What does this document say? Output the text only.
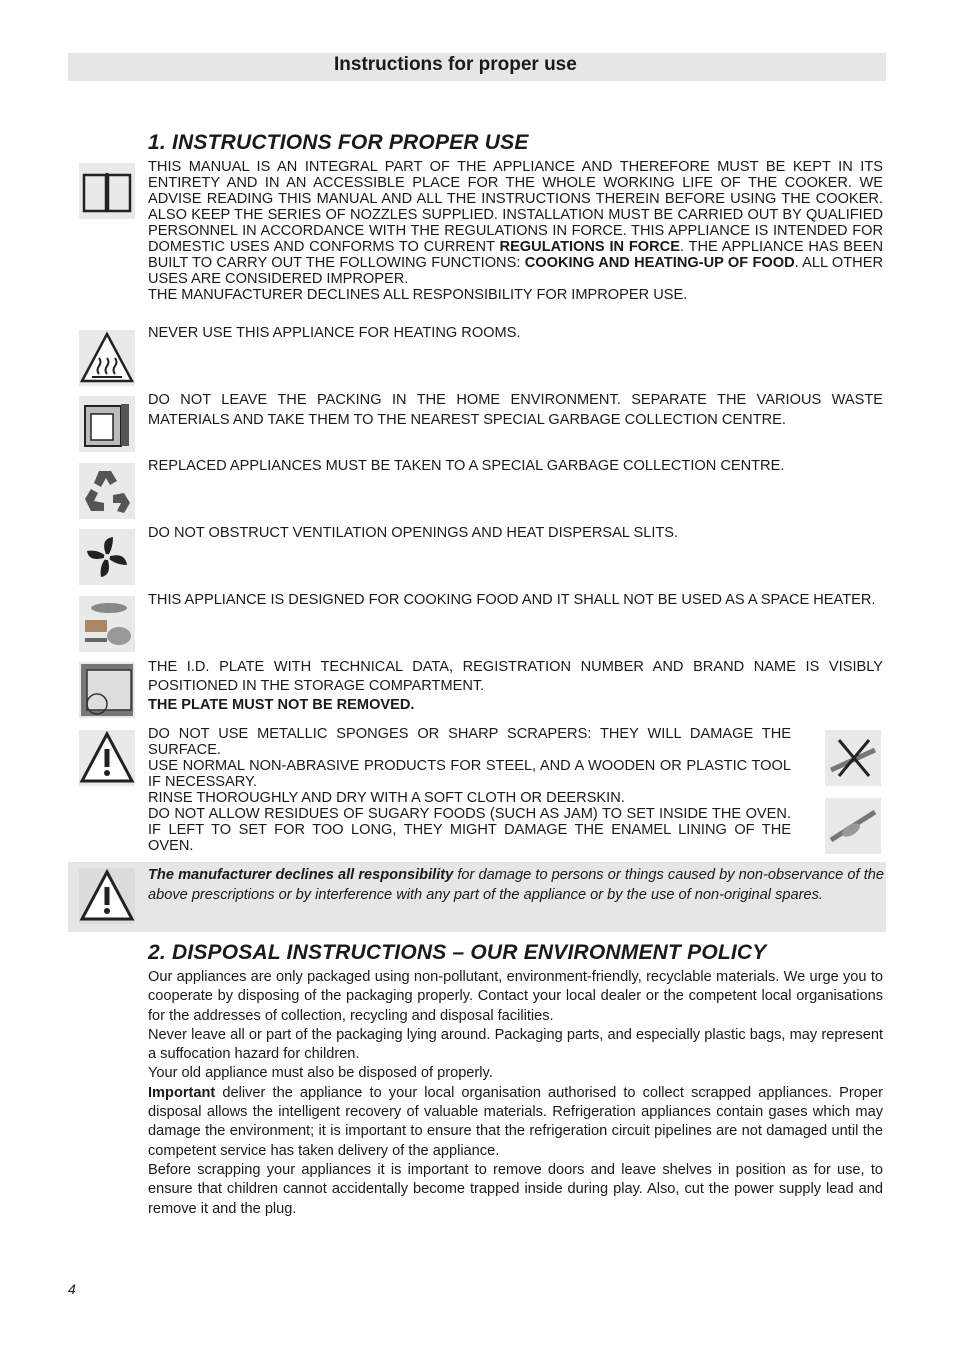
Instructions for proper use
1. INSTRUCTIONS FOR PROPER USE

THIS MANUAL IS AN INTEGRAL PART OF THE APPLIANCE AND THEREFORE MUST BE KEPT IN ITS ENTIRETY AND IN AN ACCESSIBLE PLACE FOR THE WHOLE WORKING LIFE OF THE COOKER. WE ADVISE READING THIS MANUAL AND ALL THE INSTRUCTIONS THEREIN BEFORE USING THE COOKER. ALSO KEEP THE SERIES OF NOZZLES SUPPLIED. INSTALLATION MUST BE CARRIED OUT BY QUALIFIED PERSONNEL IN ACCORDANCE WITH THE REGULATIONS IN FORCE. THIS APPLIANCE IS INTENDED FOR DOMESTIC USES AND CONFORMS TO CURRENT REGULATIONS IN FORCE. THE APPLIANCE HAS BEEN BUILT TO CARRY OUT THE FOLLOWING FUNCTIONS: COOKING AND HEATING-UP OF FOOD. ALL OTHER USES ARE CONSIDERED IMPROPER.
THE MANUFACTURER DECLINES ALL RESPONSIBILITY FOR IMPROPER USE.

NEVER USE THIS APPLIANCE FOR HEATING ROOMS.

DO NOT LEAVE THE PACKING IN THE HOME ENVIRONMENT. SEPARATE THE VARIOUS WASTE MATERIALS AND TAKE THEM TO THE NEAREST SPECIAL GARBAGE COLLECTION CENTRE.

REPLACED APPLIANCES MUST BE TAKEN TO A SPECIAL GARBAGE COLLECTION CENTRE.

DO NOT OBSTRUCT VENTILATION OPENINGS AND HEAT DISPERSAL SLITS.

THIS APPLIANCE IS DESIGNED FOR COOKING FOOD AND IT SHALL NOT BE USED AS A SPACE HEATER.

THE I.D. PLATE WITH TECHNICAL DATA, REGISTRATION NUMBER AND BRAND NAME IS VISIBLY POSITIONED IN THE STORAGE COMPARTMENT.
THE PLATE MUST NOT BE REMOVED.

DO NOT USE METALLIC SPONGES OR SHARP SCRAPERS: THEY WILL DAMAGE THE SURFACE.
USE NORMAL NON-ABRASIVE PRODUCTS FOR STEEL, AND A WOODEN OR PLASTIC TOOL IF NECESSARY.
RINSE THOROUGHLY AND DRY WITH A SOFT CLOTH OR DEERSKIN.
DO NOT ALLOW RESIDUES OF SUGARY FOODS (SUCH AS JAM) TO SET INSIDE THE OVEN. IF LEFT TO SET FOR TOO LONG, THEY MIGHT DAMAGE THE ENAMEL LINING OF THE OVEN.

The manufacturer declines all responsibility for damage to persons or things caused by non-observance of the above prescriptions or by interference with any part of the appliance or by the use of non-original spares.
2. DISPOSAL INSTRUCTIONS – OUR ENVIRONMENT POLICY
Our appliances are only packaged using non-pollutant, environment-friendly, recyclable materials. We urge you to cooperate by disposing of the packaging properly. Contact your local dealer or the competent local organisations for the addresses of collection, recycling and disposal facilities.
Never leave all or part of the packaging lying around. Packaging parts, and especially plastic bags, may represent a suffocation hazard for children.
Your old appliance must also be disposed of properly.
Important deliver the appliance to your local organisation authorised to collect scrapped appliances. Proper disposal allows the intelligent recovery of valuable materials. Refrigeration appliances contain gases which may damage the environment; it is important to ensure that the refrigeration circuit pipelines are not damaged until the competent service has taken delivery of the appliance.
Before scrapping your appliances it is important to remove doors and leave shelves in position as for use, to ensure that children cannot accidentally become trapped inside during play. Also, cut the power supply lead and remove it and the plug.
4
